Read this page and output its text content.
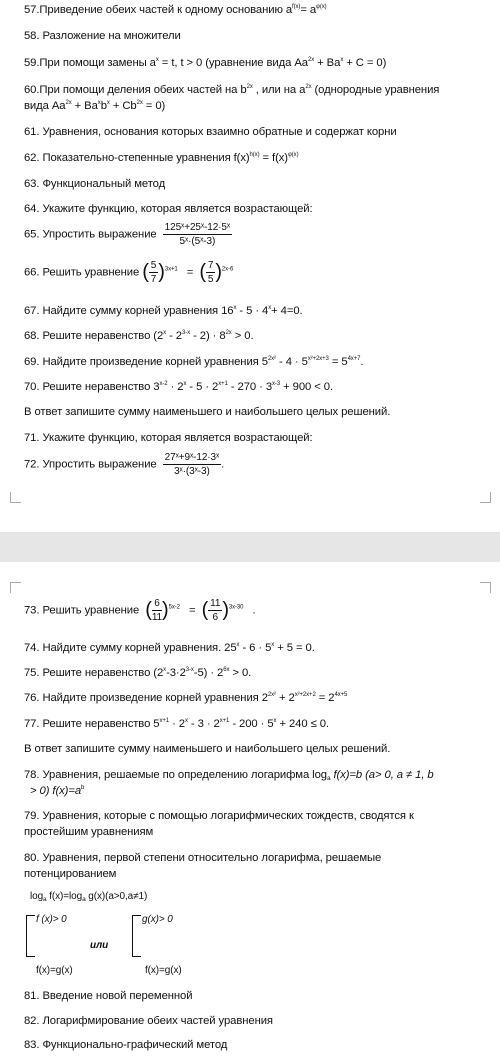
57.Приведение обеих частей к одному основанию $a^{f(x)}= a^{\varphi(x)}$
58. Разложение на множители
59.При помощи замены $a^x = t$, t > 0 (уравнение вида $Aa^{2x} + Ba^x + C = 0$)
60.При помощи деления обеих частей на $b^{2x}$ , или на $a^{2x}$ (однородные уравнения
вида $Aa^{2x} + Ba^xb^x + Cb^{2x} = 0$)
61. Уравнения, основания которых взаимно обратные и содержат корни
62. Показательно-степенные уравнения $f(x)^{h(x)} = f(x)^{\varphi(x)}$
63. Функциональный метод
64. Укажите функцию, которая является возрастающей:
65. Упростить выражение $\frac{\text{125ˣ+25ˣ-12·5ˣ}}{\text{5ˣ·(5ˣ-3)}}$
66. Решить уравнение ( $\frac{5}{7} )^{3x+1}$ = ( $\frac{7}{5} )^{2x-6}$
67. Найдите сумму корней уравнения $16^x - 5 \cdot 4^x+ 4=0$.
68. Решите неравенство $(2^x - 2^{3-x} - 2) \cdot 8^{2x} > 0$.
69. Найдите произведение корней уравнения $5^{2x^2} - 4 \cdot 5^{x^2+2x+3} = 5^{4x+7}$.
70. Решите неравенство $3^{x-2} \cdot 2^x - 5 \cdot 2^{x+1} - 270 \cdot 3^{x-3} + 900 < 0$.
В ответ запишите сумму наименьшего и наибольшего целых решений.
71. Укажите функцию, которая является возрастающей:
72. Упростить выражение $\frac{\text{27ˣ+9ˣ-12·3ˣ}}{\text{3ˣ·(3ˣ-3)}}$ .
73. Решить уравнение ( $\frac{6}{11} )^{5x-2}$ = ( $\frac{11}{6} )^{3x-30}$ .
74. Найдите сумму корней уравнения. $25^x - 6 \cdot 5^x + 5 = 0$.
75. Решите неравенство $(2^x-3\cdot 2^{3-x}-5) \cdot 2^{6x} > 0$.
76. Найдите произведение корней уравнения $2^{2x^2} + 2^{x^2+2x+2} = 2^{4x+5}$
77. Решите неравенство $5^{x+1} \cdot 2^x - 3 \cdot 2^{x+1} - 200 \cdot 5^x + 240 \le 0$.
В ответ запишите сумму наименьшего и наибольшего целых решений.
78. Уравнения, решаемые по определению логарифма $\log_a f(x)=b$ (a> 0, a ≠ 1, b
> 0) $f(x)=a^b$
79. Уравнения, которые с помощью логарифмических тождеств, сводятся к
простейшим уравнениям
80. Уравнения, первой степени относительно логарифма, решаемые
потенцированием
$\log_a f(x)=\log_a$ g(x)(a>0,a≠1)
f (x)> 0	g(x)> 0
или
f(x)=g(x)	f(x)=g(x)
81. Введение новой переменной
82. Логарифмирование обеих частей уравнения
83. Функционально-графический метод
